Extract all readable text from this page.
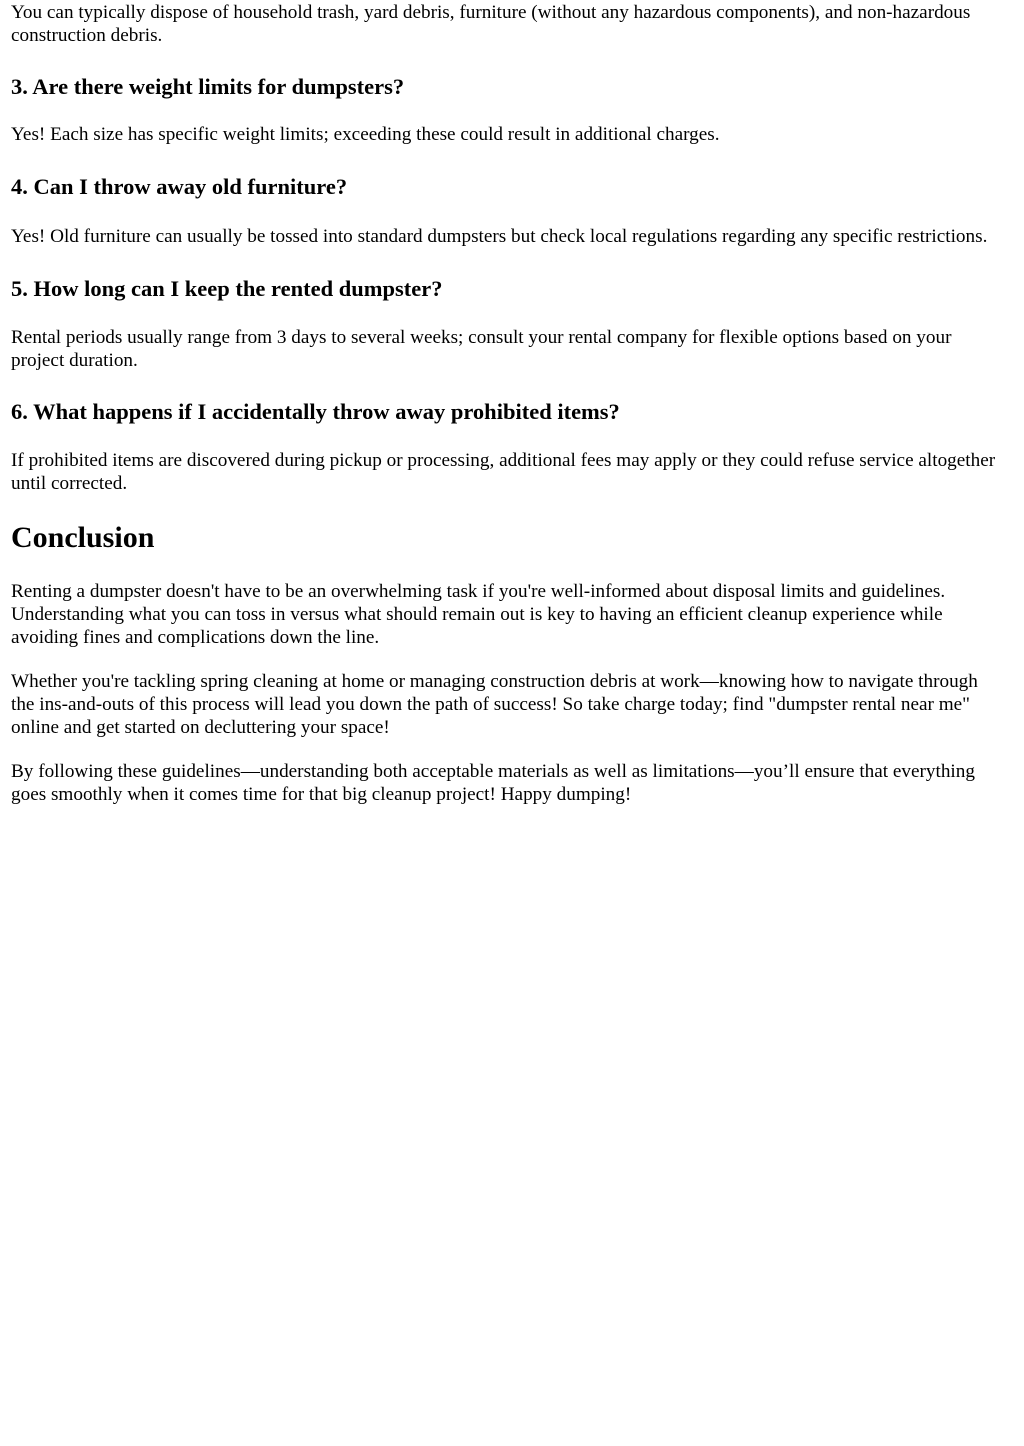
You can typically dispose of household trash, yard debris, furniture (without any hazardous components), and non-hazardous construction debris.

3. Are there weight limits for dumpsters?

Yes! Each size has specific weight limits; exceeding these could result in additional charges.

4. Can I throw away old furniture?

Yes! Old furniture can usually be tossed into standard dumpsters but check local regulations regarding any specific restrictions.

5. How long can I keep the rented dumpster?

Rental periods usually range from 3 days to several weeks; consult your rental company for flexible options based on your project duration.

6. What happens if I accidentally throw away prohibited items?

If prohibited items are discovered during pickup or processing, additional fees may apply or they could refuse service altogether until corrected.

Conclusion

Renting a dumpster doesn't have to be an overwhelming task if you're well-informed about disposal limits and guidelines. Understanding what you can toss in versus what should remain out is key to having an efficient cleanup experience while avoiding fines and complications down the line.

Whether you're tackling spring cleaning at home or managing construction debris at work—knowing how to navigate through the ins-and-outs of this process will lead you down the path of success! So take charge today; find "dumpster rental near me" online and get started on decluttering your space!

By following these guidelines—understanding both acceptable materials as well as limitations—you’ll ensure that everything goes smoothly when it comes time for that big cleanup project! Happy dumping!
